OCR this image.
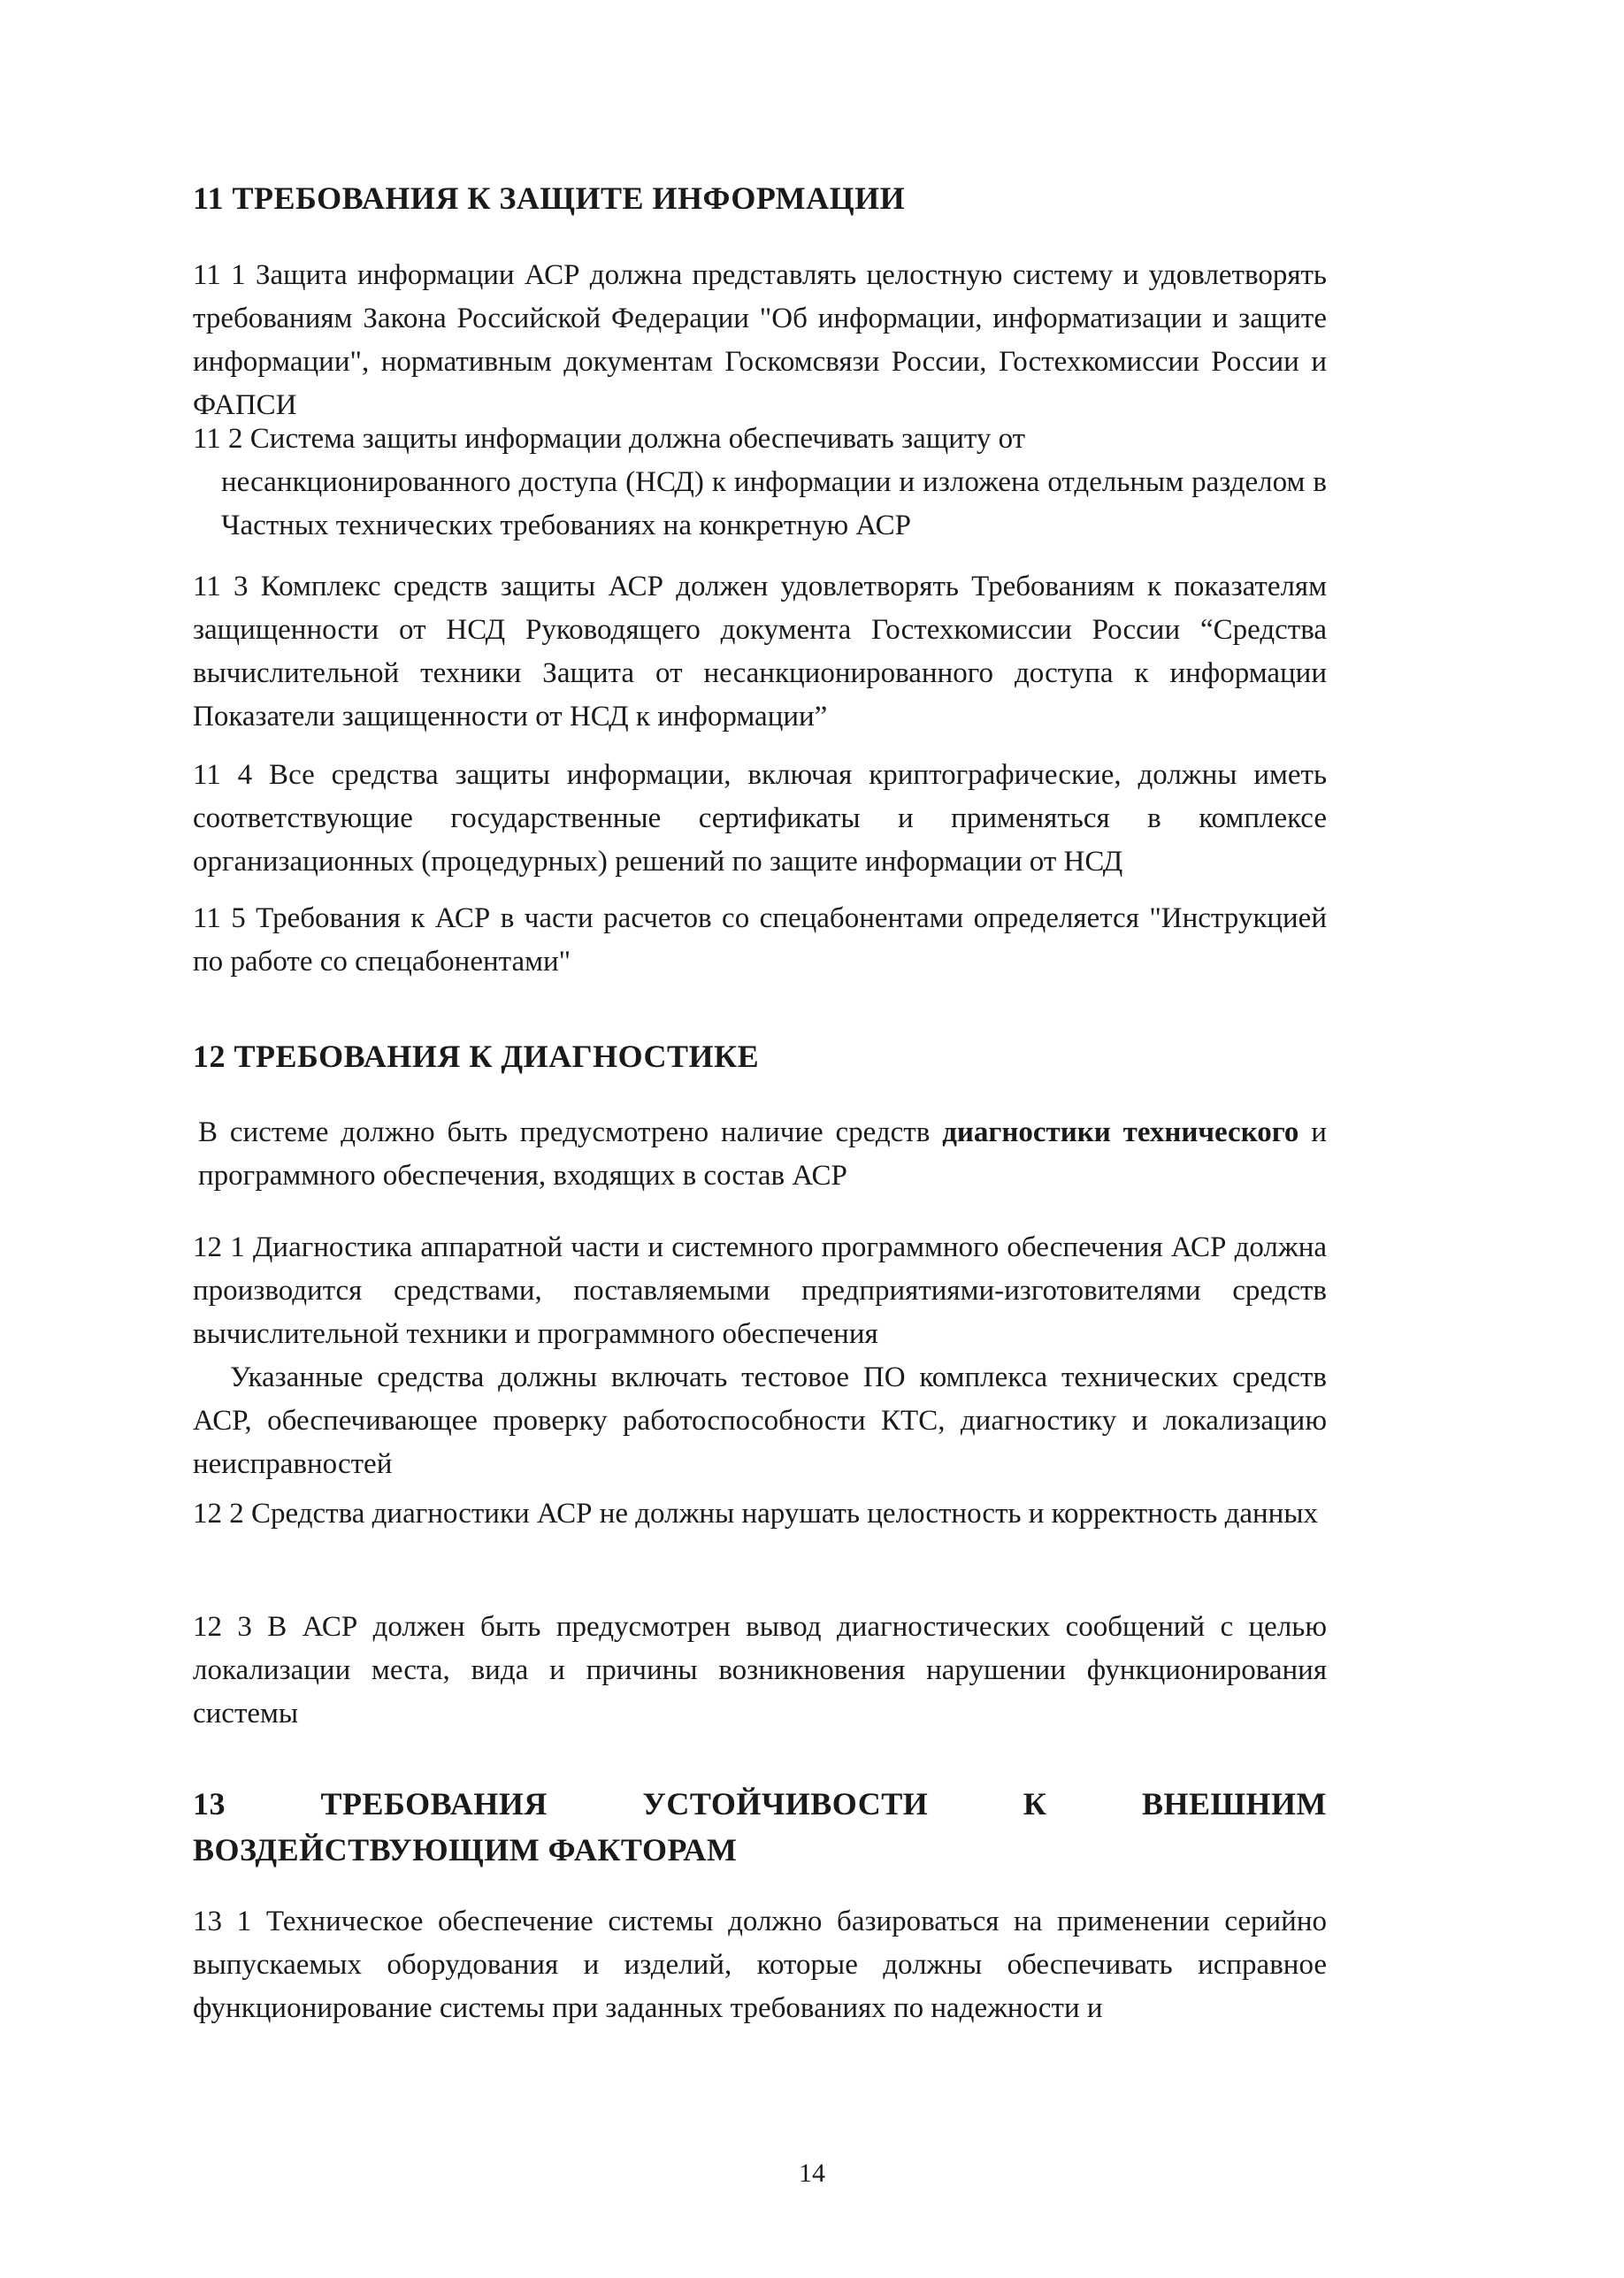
11 ТРЕБОВАНИЯ К ЗАЩИТЕ ИНФОРМАЦИИ

11 1 Защита информации АСР должна представлять целостную систему и удовлетворять требованиям Закона Российской Федерации "Об информации, информатизации и защите информации", нормативным документам Госкомсвязи России, Гостехкомиссии России и ФАПСИ

11 2 Система защиты информации должна обеспечивать защиту от
несанкционированного доступа (НСД) к информации и изложена отдельным разделом в Частных технических требованиях на конкретную АСР

11 3 Комплекс средств защиты АСР должен удовлетворять Требованиям к показателям защищенности от НСД Руководящего документа Гостехкомиссии России “Средства вычислительной техники Защита от несанкционированного доступа к информации Показатели защищенности от НСД к информации”

11 4 Все средства защиты информации, включая криптографические, должны иметь соответствующие государственные сертификаты и применяться в комплексе организационных (процедурных) решений по защите информации от НСД

11 5 Требования к АСР в части расчетов со спецабонентами определяется "Инструкцией по работе со спецабонентами"

12 ТРЕБОВАНИЯ К ДИАГНОСТИКЕ

В системе должно быть предусмотрено наличие средств диагностики технического и программного обеспечения, входящих в состав АСР

12 1 Диагностика аппаратной части и системного программного обеспечения АСР должна производится средствами, поставляемыми предприятиями-изготовителями средств вычислительной техники и программного обеспечения

Указанные средства должны включать тестовое ПО комплекса технических средств АСР, обеспечивающее проверку работоспособности КТС, диагностику и локализацию неисправностей

12 2 Средства диагностики АСР не должны нарушать целостность и корректность данных

12 3 В АСР должен быть предусмотрен вывод диагностических сообщений с целью локализации места, вида и причины возникновения нарушении функционирования системы

13 ТРЕБОВАНИЯ УСТОЙЧИВОСТИ К ВНЕШНИМ ВОЗДЕЙСТВУЮЩИМ ФАКТОРАМ

13 1 Техническое обеспечение системы должно базироваться на применении серийно выпускаемых оборудования и изделий, которые должны обеспечивать исправное функционирование системы при заданных требованиях по надежности и

14
